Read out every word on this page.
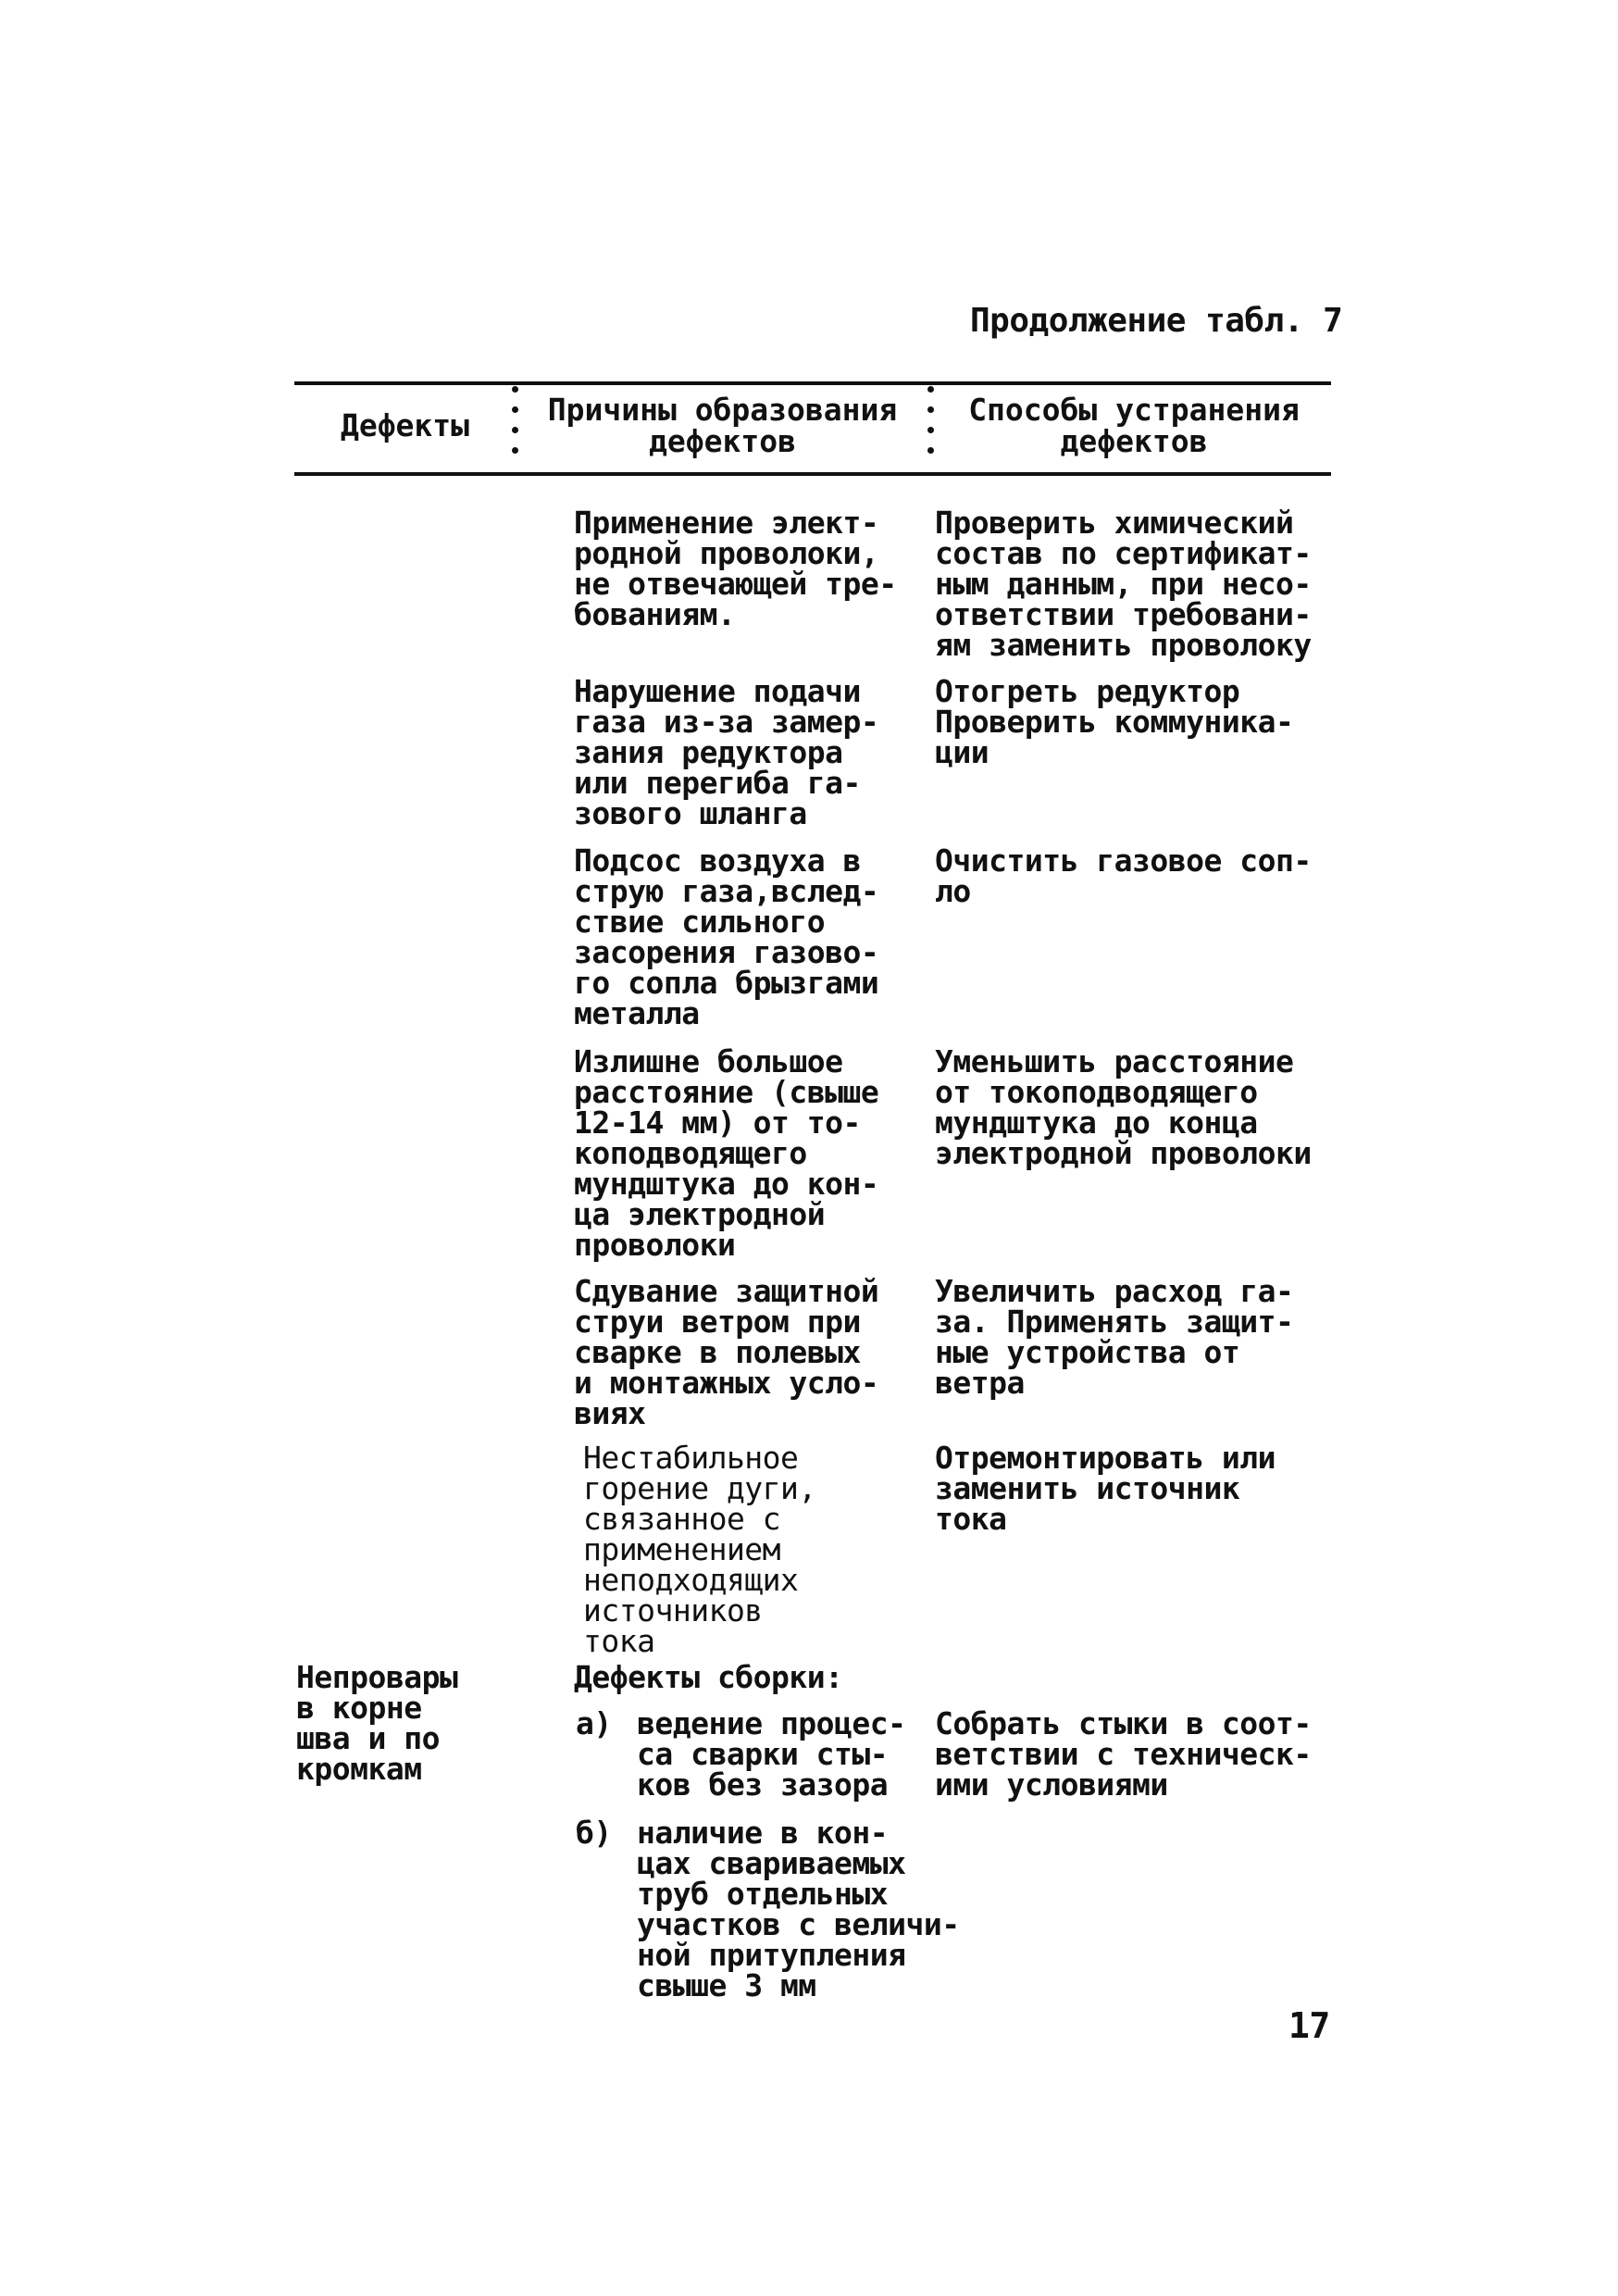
Продолжение табл. 7
Дефекты	Причины образования
дефектов
Способы устранения
дефектов
Применение элект-
родной проволоки,
не отвечающей тре-
бованиям.
Проверить химический
состав по сертификат-
ным данным, при несо-
ответствии требовани-
ям заменить проволоку
Нарушение подачи
газа из-за замер-
зания редуктора
или перегиба га-
зового шланга
Отогреть редуктор
Проверить коммуника-
ции
Подсос воздуха в
струю газа,вслед-
ствие сильного
засорения газово-
го сопла брызгами
металла
Очистить газовое соп-
ло
Излишне большое
расстояние (свыше
12-14 мм) от то-
коподводящего
мундштука до кон-
ца электродной
проволоки
Уменьшить расстояние
от токоподводящего
мундштука до конца
электродной проволоки
Сдувание защитной
струи ветром при
сварке в полевых
и монтажных усло-
виях
Увеличить расход га-
за. Применять защит-
ные устройства от
ветра
Нестабильное
горение дуги,
связанное с
применением
неподходящих
источников
тока
Отремонтировать или
заменить источник
тока
Непровары
в корне
шва и по
кромкам
Дефекты сборки:
а) ведение процес-
са сварки сты-
ков без зазора
Собрать стыки в соот-
ветствии с техническ-
ими условиями
б) наличие в кон-
цах свариваемых
труб отдельных
участков с величи-
ной притупления
свыше 3 мм
17
